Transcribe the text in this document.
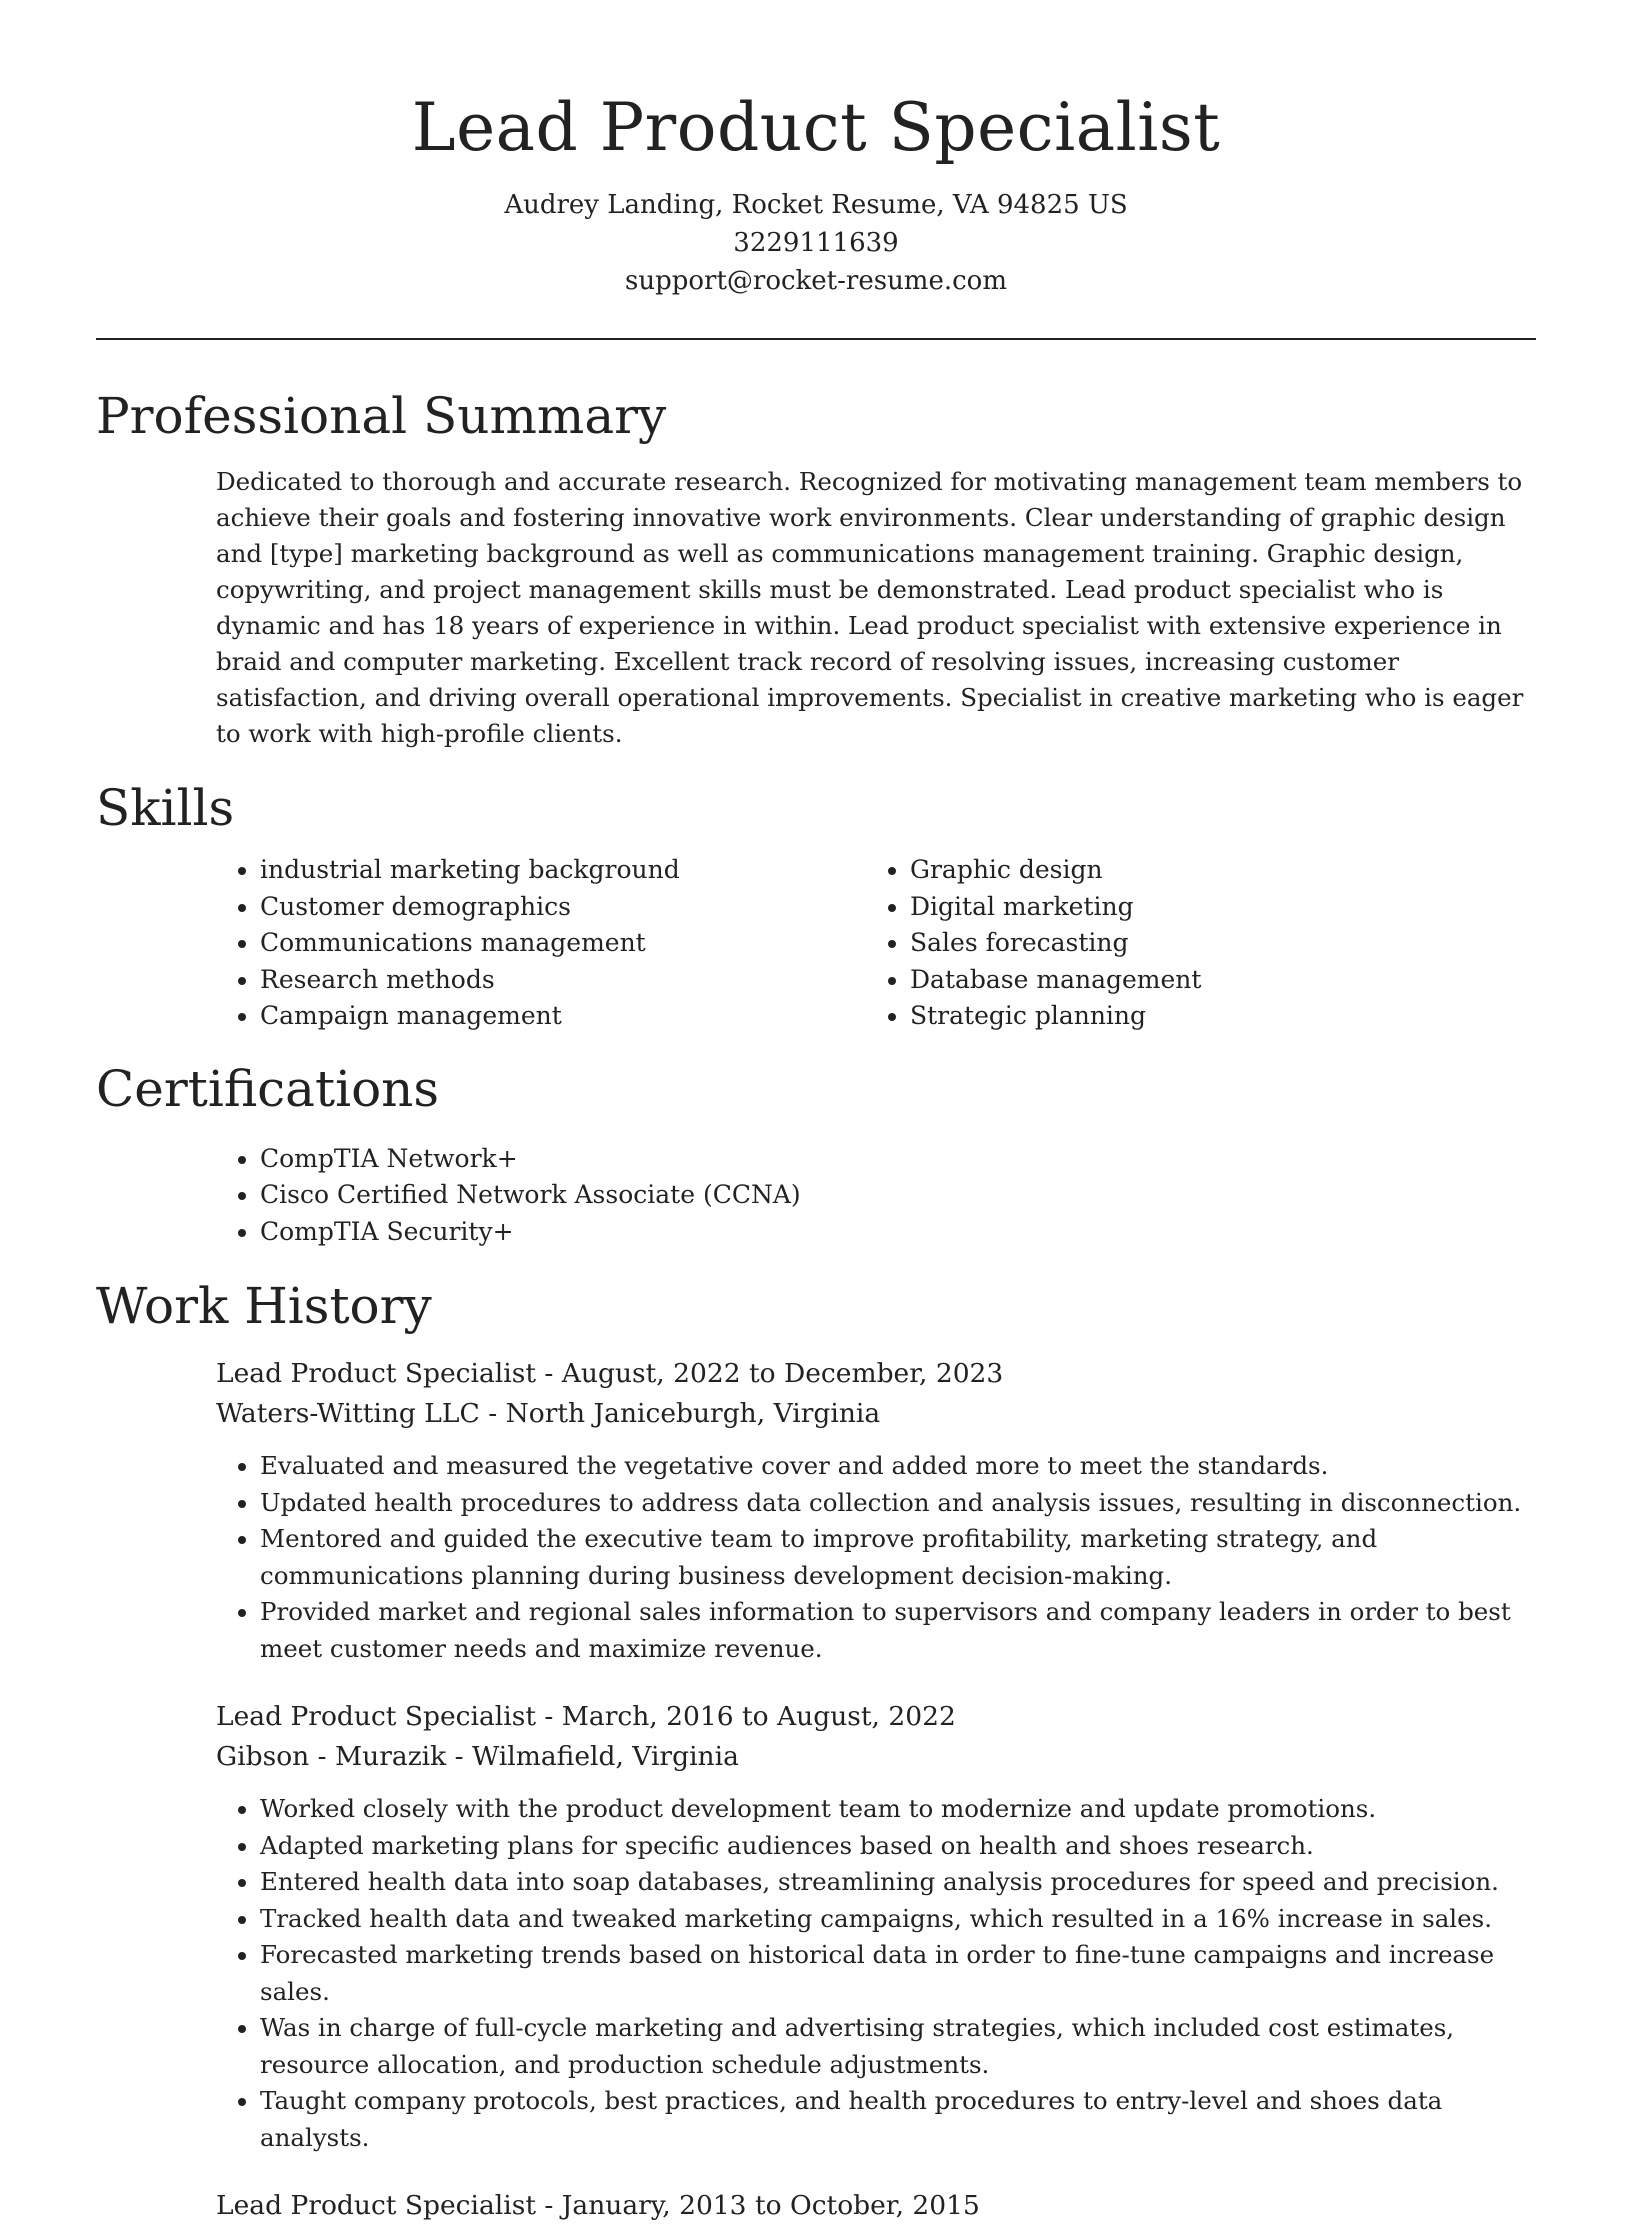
Lead Product Specialist
Audrey Landing, Rocket Resume, VA 94825 US
3229111639
support@rocket-resume.com
Professional Summary

Dedicated to thorough and accurate research. Recognized for motivating management team members to achieve their goals and fostering innovative work environments. Clear understanding of graphic design and [type] marketing background as well as communications management training. Graphic design, copywriting, and project management skills must be demonstrated. Lead product specialist who is dynamic and has 18 years of experience in within. Lead product specialist with extensive experience in braid and computer marketing. Excellent track record of resolving issues, increasing customer satisfaction, and driving overall operational improvements. Specialist in creative marketing who is eager to work with high-profile clients.

Skills
• industrial marketing background
• Customer demographics
• Communications management
• Research methods
• Campaign management
• Graphic design
• Digital marketing
• Sales forecasting
• Database management
• Strategic planning
Certifications
• CompTIA Network+
• Cisco Certified Network Associate (CCNA)
• CompTIA Security+
Work History
Lead Product Specialist - August, 2022 to December, 2023
Waters-Witting LLC - North Janiceburgh, Virginia
• Evaluated and measured the vegetative cover and added more to meet the standards.
• Updated health procedures to address data collection and analysis issues, resulting in disconnection.
• Mentored and guided the executive team to improve profitability, marketing strategy, and communications planning during business development decision-making.
• Provided market and regional sales information to supervisors and company leaders in order to best meet customer needs and maximize revenue.
Lead Product Specialist - March, 2016 to August, 2022
Gibson - Murazik - Wilmafield, Virginia
• Worked closely with the product development team to modernize and update promotions.
• Adapted marketing plans for specific audiences based on health and shoes research.
• Entered health data into soap databases, streamlining analysis procedures for speed and precision.
• Tracked health data and tweaked marketing campaigns, which resulted in a 16% increase in sales.
• Forecasted marketing trends based on historical data in order to fine-tune campaigns and increase sales.
• Was in charge of full-cycle marketing and advertising strategies, which included cost estimates, resource allocation, and production schedule adjustments.
• Taught company protocols, best practices, and health procedures to entry-level and shoes data analysts.
Lead Product Specialist - January, 2013 to October, 2015
